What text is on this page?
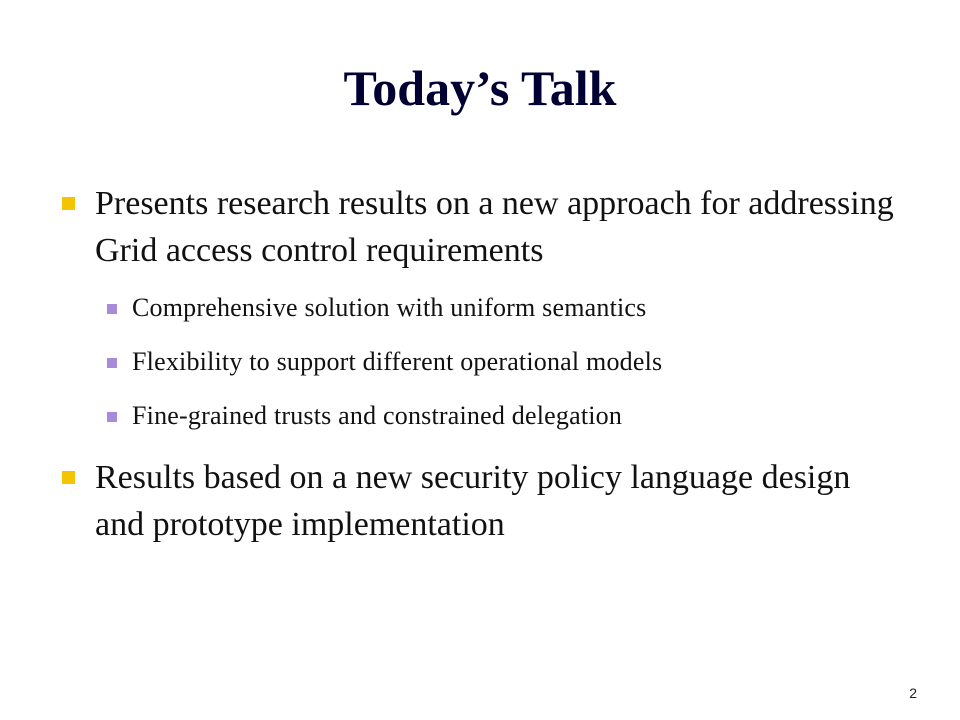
Today’s Talk
Presents research results on a new approach for addressing Grid access control requirements
Comprehensive solution with uniform semantics
Flexibility to support different operational models
Fine-grained trusts and constrained delegation
Results based on a new security policy language design and prototype implementation
2
